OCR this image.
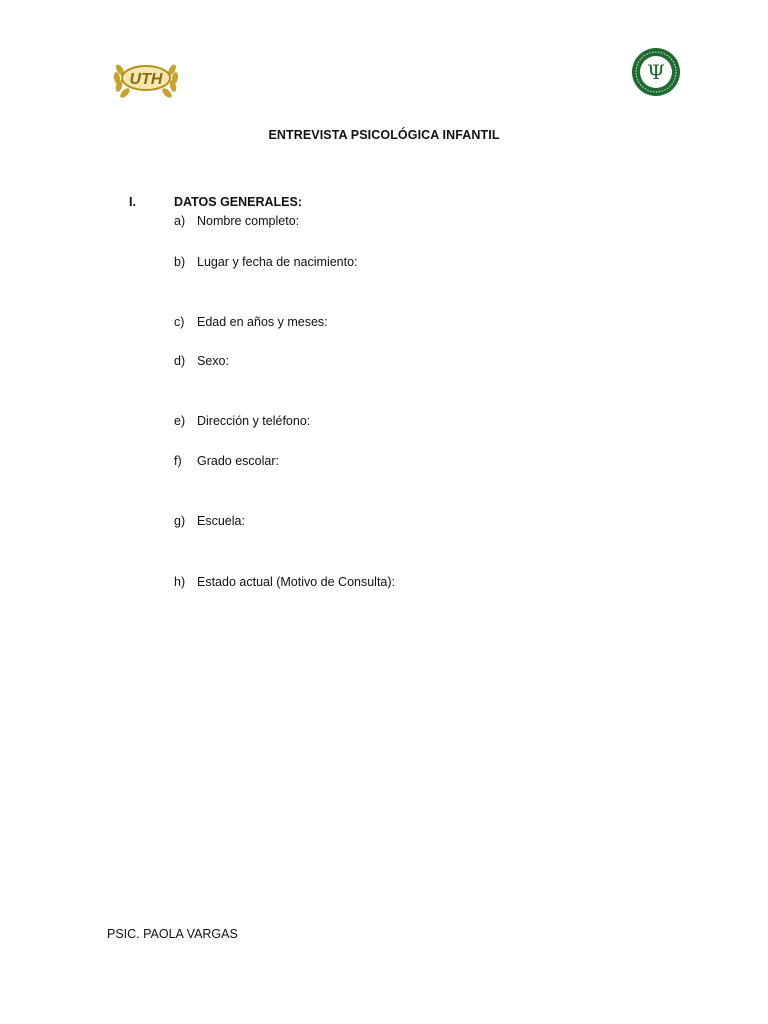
UTH	Ψ
ENTREVISTA PSICOLÓGICA INFANTIL
I.	DATOS GENERALES:
a) Nombre completo:
b) Lugar y fecha de nacimiento:
c) Edad en años y meses:
d) Sexo:
e) Dirección y teléfono:
f) Grado escolar:
g) Escuela:
h) Estado actual (Motivo de Consulta):
PSIC. PAOLA VARGAS
